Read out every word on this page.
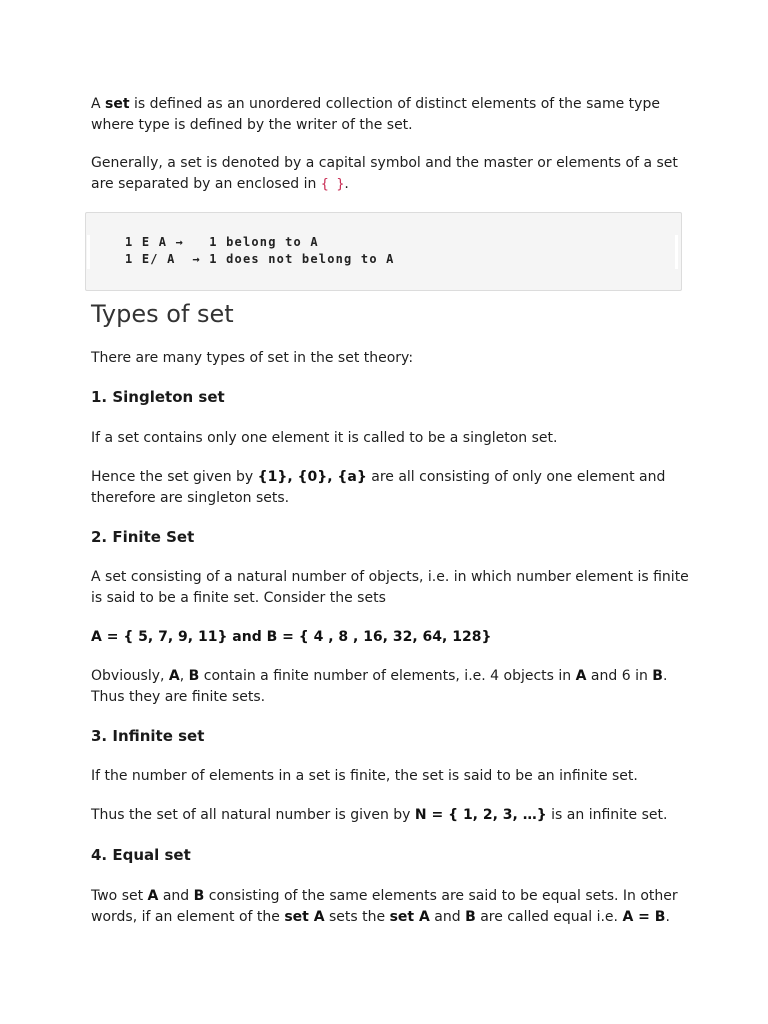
A set is defined as an unordered collection of distinct elements of the same type where type is defined by the writer of the set.

Generally, a set is denoted by a capital symbol and the master or elements of a set are separated by an enclosed in { }.

1 E A →   1 belong to A
1 E/ A  → 1 does not belong to A
Types of set

There are many types of set in the set theory:

1. Singleton set

If a set contains only one element it is called to be a singleton set.

Hence the set given by {1}, {0}, {a} are all consisting of only one element and therefore are singleton sets.

2. Finite Set

A set consisting of a natural number of objects, i.e. in which number element is finite is said to be a finite set. Consider the sets

A = { 5, 7, 9, 11} and B = { 4 , 8 , 16, 32, 64, 128}

Obviously, A, B contain a finite number of elements, i.e. 4 objects in A and 6 in B. Thus they are finite sets.

3. Infinite set

If the number of elements in a set is finite, the set is said to be an infinite set.

Thus the set of all natural number is given by N = { 1, 2, 3, …} is an infinite set.

4. Equal set

Two set A and B consisting of the same elements are said to be equal sets. In other words, if an element of the set A sets the set A and B are called equal i.e. A = B.
